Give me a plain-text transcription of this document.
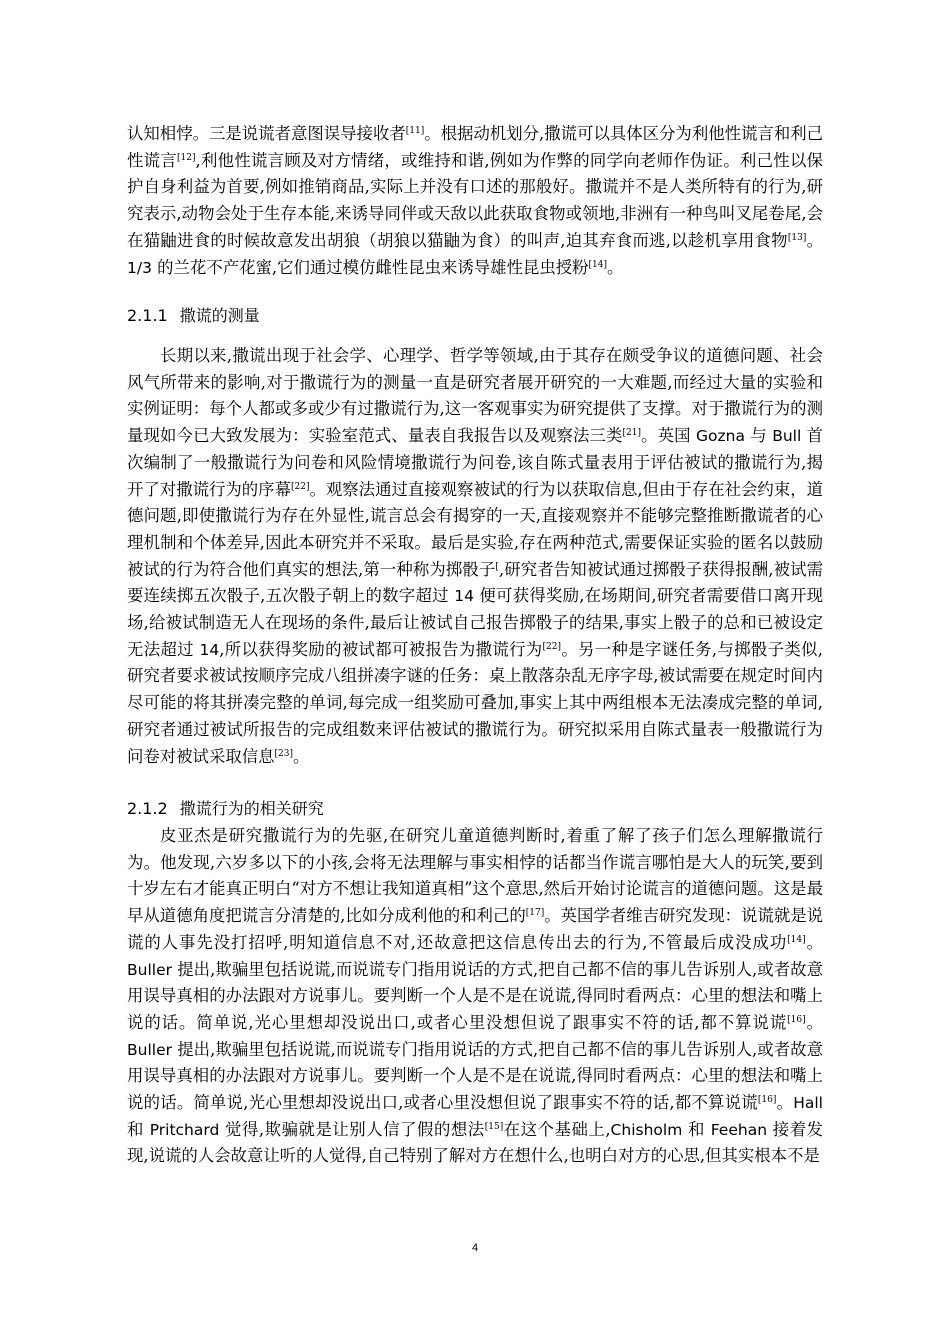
认知相悖。三是说谎者意图误导接收者[11]。根据动机划分,撒谎可以具体区分为利他性谎言和利己性谎言[12],利他性谎言顾及对方情绪，或维持和谐,例如为作弊的同学向老师作伪证。利己性以保护自身利益为首要,例如推销商品,实际上并没有口述的那般好。撒谎并不是人类所特有的行为,研究表示,动物会处于生存本能,来诱导同伴或天敌以此获取食物或领地,非洲有一种鸟叫叉尾卷尾,会在猫鼬进食的时候故意发出胡狼（胡狼以猫鼬为食）的叫声,迫其弃食而逃,以趁机享用食物[13]。1/3 的兰花不产花蜜,它们通过模仿雌性昆虫来诱导雄性昆虫授粉[14]。

2.1.1 撒谎的测量

长期以来,撒谎出现于社会学、心理学、哲学等领域,由于其存在颇受争议的道德问题、社会风气所带来的影响,对于撒谎行为的测量一直是研究者展开研究的一大难题,而经过大量的实验和实例证明：每个人都或多或少有过撒谎行为,这一客观事实为研究提供了支撑。对于撒谎行为的测量现如今已大致发展为：实验室范式、量表自我报告以及观察法三类[21]。英国 Gozna 与 Bull 首次编制了一般撒谎行为问卷和风险情境撒谎行为问卷,该自陈式量表用于评估被试的撒谎行为,揭开了对撒谎行为的序幕[22]。观察法通过直接观察被试的行为以获取信息,但由于存在社会约束，道德问题,即使撒谎行为存在外显性,谎言总会有揭穿的一天,直接观察并不能够完整推断撒谎者的心理机制和个体差异,因此本研究并不采取。最后是实验,存在两种范式,需要保证实验的匿名以鼓励被试的行为符合他们真实的想法,第一种称为掷骰子[,研究者告知被试通过掷骰子获得报酬,被试需要连续掷五次骰子,五次骰子朝上的数字超过 14 便可获得奖励,在场期间,研究者需要借口离开现场,给被试制造无人在现场的条件,最后让被试自己报告掷骰子的结果,事实上骰子的总和已被设定无法超过 14,所以获得奖励的被试都可被报告为撒谎行为[22]。另一种是字谜任务,与掷骰子类似,研究者要求被试按顺序完成八组拼凑字谜的任务：桌上散落杂乱无序字母,被试需要在规定时间内尽可能的将其拼凑完整的单词,每完成一组奖励可叠加,事实上其中两组根本无法凑成完整的单词,研究者通过被试所报告的完成组数来评估被试的撒谎行为。研究拟采用自陈式量表一般撒谎行为问卷对被试采取信息[23]。

2.1.2 撒谎行为的相关研究

皮亚杰是研究撒谎行为的先驱,在研究儿童道德判断时,着重了解了孩子们怎么理解撒谎行为。他发现,六岁多以下的小孩,会将无法理解与事实相悖的话都当作谎言哪怕是大人的玩笑,要到十岁左右才能真正明白“对方不想让我知道真相”这个意思,然后开始讨论谎言的道德问题。这是最早从道德角度把谎言分清楚的,比如分成利他的和利己的[17]。英国学者维吉研究发现：说谎就是说谎的人事先没打招呼,明知道信息不对,还故意把这信息传出去的行为,不管最后成没成功[14]。Buller 提出,欺骗里包括说谎,而说谎专门指用说话的方式,把自己都不信的事儿告诉别人,或者故意用误导真相的办法跟对方说事儿。要判断一个人是不是在说谎,得同时看两点：心里的想法和嘴上说的话。简单说,光心里想却没说出口,或者心里没想但说了跟事实不符的话,都不算说谎[16]。Buller 提出,欺骗里包括说谎,而说谎专门指用说话的方式,把自己都不信的事儿告诉别人,或者故意用误导真相的办法跟对方说事儿。要判断一个人是不是在说谎,得同时看两点：心里的想法和嘴上说的话。简单说,光心里想却没说出口,或者心里没想但说了跟事实不符的话,都不算说谎[16]。Hall 和 Pritchard 觉得,欺骗就是让别人信了假的想法[15]在这个基础上,Chisholm 和 Feehan 接着发现,说谎的人会故意让听的人觉得,自己特别了解对方在想什么,也明白对方的心思,但其实根本不是

4
